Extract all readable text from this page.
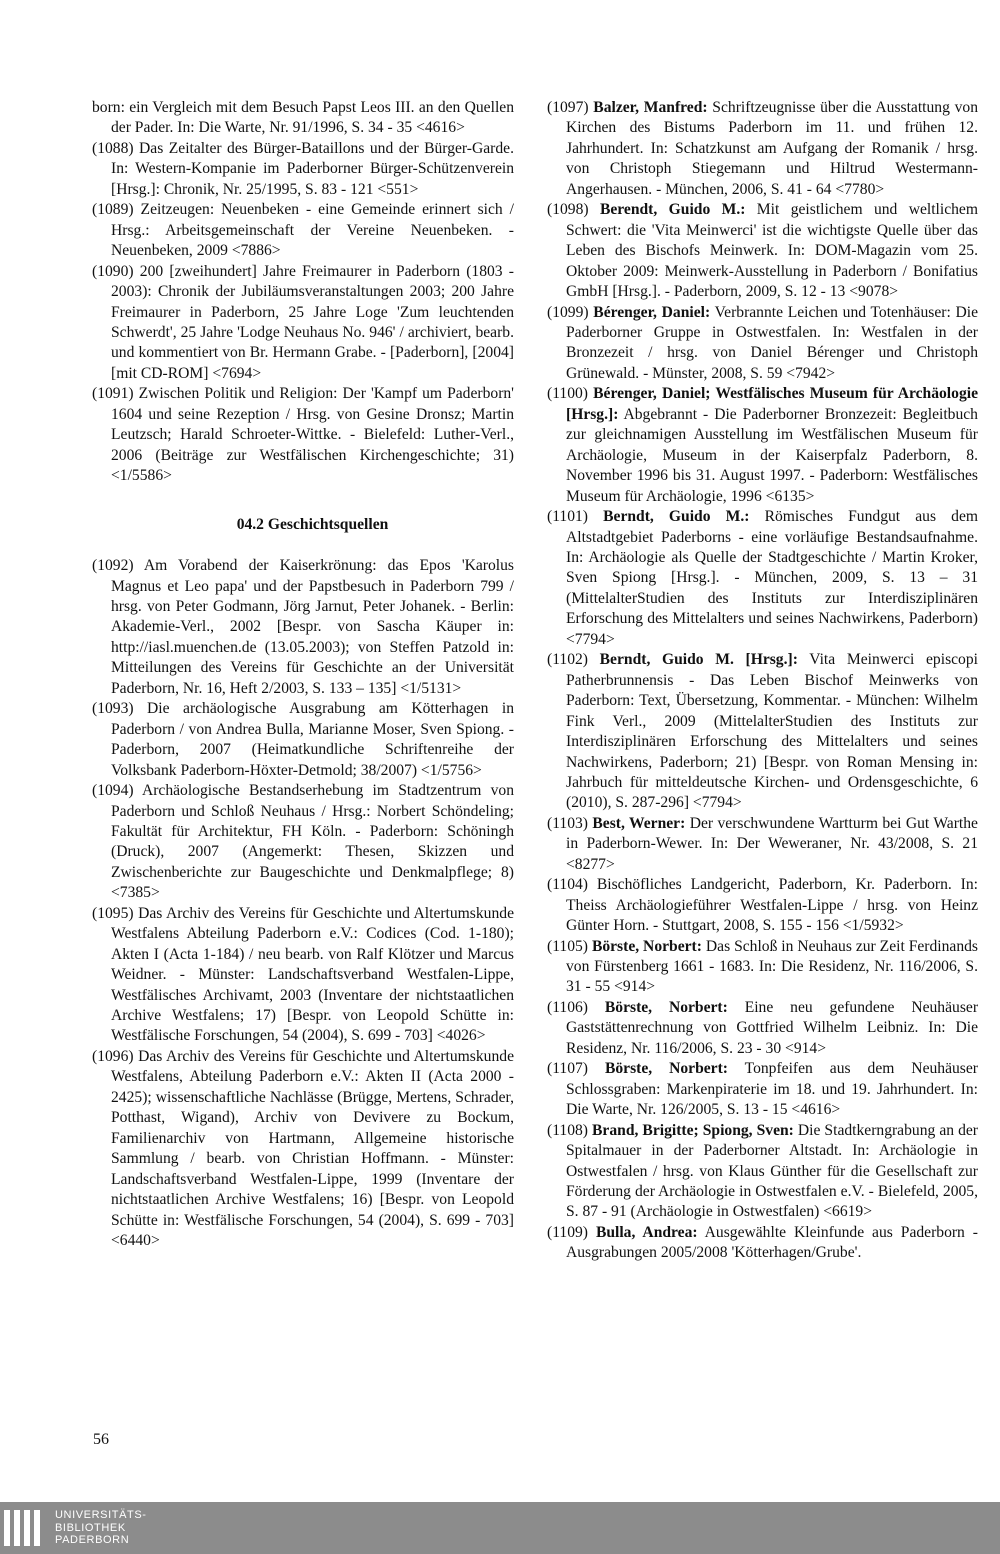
born: ein Vergleich mit dem Besuch Papst Leos III. an den Quellen der Pader. In: Die Warte, Nr. 91/1996, S. 34 - 35 <4616>

(1088) Das Zeitalter des Bürger-Bataillons und der Bürger-Garde. In: Western-Kompanie im Paderborner Bürger-Schützenverein [Hrsg.]: Chronik, Nr. 25/1995, S. 83 - 121 <551>

(1089) Zeitzeugen: Neuenbeken - eine Gemeinde erinnert sich / Hrsg.: Arbeitsgemeinschaft der Vereine Neuenbeken. - Neuenbeken, 2009 <7886>

(1090) 200 [zweihundert] Jahre Freimaurer in Paderborn (1803 - 2003): Chronik der Jubiläumsveranstaltungen 2003; 200 Jahre Freimaurer in Paderborn, 25 Jahre Loge 'Zum leuchtenden Schwerdt', 25 Jahre 'Lodge Neuhaus No. 946' / archiviert, bearb. und kommentiert von Br. Hermann Grabe. - [Paderborn], [2004] [mit CD-ROM] <7694>

(1091) Zwischen Politik und Religion: Der 'Kampf um Paderborn' 1604 und seine Rezeption / Hrsg. von Gesine Dronsz; Martin Leutzsch; Harald Schroeter-Wittke. - Bielefeld: Luther-Verl., 2006 (Beiträge zur Westfälischen Kirchengeschichte; 31) <1/5586>

04.2 Geschichtsquellen

(1092) Am Vorabend der Kaiserkrönung: das Epos 'Karolus Magnus et Leo papa' und der Papstbesuch in Paderborn 799 / hrsg. von Peter Godmann, Jörg Jarnut, Peter Johanek. - Berlin: Akademie-Verl., 2002 [Bespr. von Sascha Käuper in: http://iasl.muenchen.de (13.05.2003); von Steffen Patzold in: Mitteilungen des Vereins für Geschichte an der Universität Paderborn, Nr. 16, Heft 2/2003, S. 133 – 135] <1/5131>

(1093) Die archäologische Ausgrabung am Kötterhagen in Paderborn / von Andrea Bulla, Marianne Moser, Sven Spiong. - Paderborn, 2007 (Heimatkundliche Schriftenreihe der Volksbank Paderborn-Höxter-Detmold; 38/2007) <1/5756>

(1094) Archäologische Bestandserhebung im Stadtzentrum von Paderborn und Schloß Neuhaus / Hrsg.: Norbert Schöndeling; Fakultät für Architektur, FH Köln. - Paderborn: Schöningh (Druck), 2007 (Angemerkt: Thesen, Skizzen und Zwischenberichte zur Baugeschichte und Denkmalpflege; 8) <7385>

(1095) Das Archiv des Vereins für Geschichte und Altertumskunde Westfalens Abteilung Paderborn e.V.: Codices (Cod. 1-180); Akten I (Acta 1-184) / neu bearb. von Ralf Klötzer und Marcus Weidner. - Münster: Landschaftsverband Westfalen-Lippe, Westfälisches Archivamt, 2003 (Inventare der nichtstaatlichen Archive Westfalens; 17) [Bespr. von Leopold Schütte in: Westfälische Forschungen, 54 (2004), S. 699 - 703] <4026>

(1096) Das Archiv des Vereins für Geschichte und Altertumskunde Westfalens, Abteilung Paderborn e.V.: Akten II (Acta 2000 - 2425); wissenschaftliche Nachlässe (Brügge, Mertens, Schrader, Potthast, Wigand), Archiv von Devivere zu Bockum, Familienarchiv von Hartmann, Allgemeine historische Sammlung / bearb. von Christian Hoffmann. - Münster: Landschaftsverband Westfalen-Lippe, 1999 (Inventare der nichtstaatlichen Archive Westfalens; 16) [Bespr. von Leopold Schütte in: Westfälische Forschungen, 54 (2004), S. 699 - 703] <6440>

(1097) Balzer, Manfred: Schriftzeugnisse über die Ausstattung von Kirchen des Bistums Paderborn im 11. und frühen 12. Jahrhundert. In: Schatzkunst am Aufgang der Romanik / hrsg. von Christoph Stiegemann und Hiltrud Westermann-Angerhausen. - München, 2006, S. 41 - 64 <7780>

(1098) Berendt, Guido M.: Mit geistlichem und weltlichem Schwert: die 'Vita Meinwerci' ist die wichtigste Quelle über das Leben des Bischofs Meinwerk. In: DOM-Magazin vom 25. Oktober 2009: Meinwerk-Ausstellung in Paderborn / Bonifatius GmbH [Hrsg.]. - Paderborn, 2009, S. 12 - 13 <9078>

(1099) Bérenger, Daniel: Verbrannte Leichen und Totenhäuser: Die Paderborner Gruppe in Ostwestfalen. In: Westfalen in der Bronzezeit / hrsg. von Daniel Bérenger und Christoph Grünewald. - Münster, 2008, S. 59 <7942>

(1100) Bérenger, Daniel; Westfälisches Museum für Archäologie [Hrsg.]: Abgebrannt - Die Paderborner Bronzezeit: Begleitbuch zur gleichnamigen Ausstellung im Westfälischen Museum für Archäologie, Museum in der Kaiserpfalz Paderborn, 8. November 1996 bis 31. August 1997. - Paderborn: Westfälisches Museum für Archäologie, 1996 <6135>

(1101) Berndt, Guido M.: Römisches Fundgut aus dem Altstadtgebiet Paderborns - eine vorläufige Bestandsaufnahme. In: Archäologie als Quelle der Stadtgeschichte / Martin Kroker, Sven Spiong [Hrsg.]. - München, 2009, S. 13 – 31 (MittelalterStudien des Instituts zur Interdisziplinären Erforschung des Mittelalters und seines Nachwirkens, Paderborn) <7794>

(1102) Berndt, Guido M. [Hrsg.]: Vita Meinwerci episcopi Patherbrunnensis - Das Leben Bischof Meinwerks von Paderborn: Text, Übersetzung, Kommentar. - München: Wilhelm Fink Verl., 2009 (MittelalterStudien des Instituts zur Interdisziplinären Erforschung des Mittelalters und seines Nachwirkens, Paderborn; 21) [Bespr. von Roman Mensing in: Jahrbuch für mitteldeutsche Kirchen- und Ordensgeschichte, 6 (2010), S. 287-296] <7794>

(1103) Best, Werner: Der verschwundene Wartturm bei Gut Warthe in Paderborn-Wewer. In: Der Weweraner, Nr. 43/2008, S. 21 <8277>

(1104) Bischöfliches Landgericht, Paderborn, Kr. Paderborn. In: Theiss Archäologieführer Westfalen-Lippe / hrsg. von Heinz Günter Horn. - Stuttgart, 2008, S. 155 - 156 <1/5932>

(1105) Börste, Norbert: Das Schloß in Neuhaus zur Zeit Ferdinands von Fürstenberg 1661 - 1683. In: Die Residenz, Nr. 116/2006, S. 31 - 55 <914>

(1106) Börste, Norbert: Eine neu gefundene Neuhäuser Gaststättenrechnung von Gottfried Wilhelm Leibniz. In: Die Residenz, Nr. 116/2006, S. 23 - 30 <914>

(1107) Börste, Norbert: Tonpfeifen aus dem Neuhäuser Schlossgraben: Markenpiraterie im 18. und 19. Jahrhundert. In: Die Warte, Nr. 126/2005, S. 13 - 15 <4616>

(1108) Brand, Brigitte; Spiong, Sven: Die Stadtkerngrabung an der Spitalmauer in der Paderborner Altstadt. In: Archäologie in Ostwestfalen / hrsg. von Klaus Günther für die Gesellschaft zur Förderung der Archäologie in Ostwestfalen e.V. - Bielefeld, 2005, S. 87 - 91 (Archäologie in Ostwestfalen) <6619>

(1109) Bulla, Andrea: Ausgewählte Kleinfunde aus Paderborn - Ausgrabungen 2005/2008 'Kötterhagen/Grube'.

56
UNIVERSITÄTS-
BIBLIOTHEK
PADERBORN
